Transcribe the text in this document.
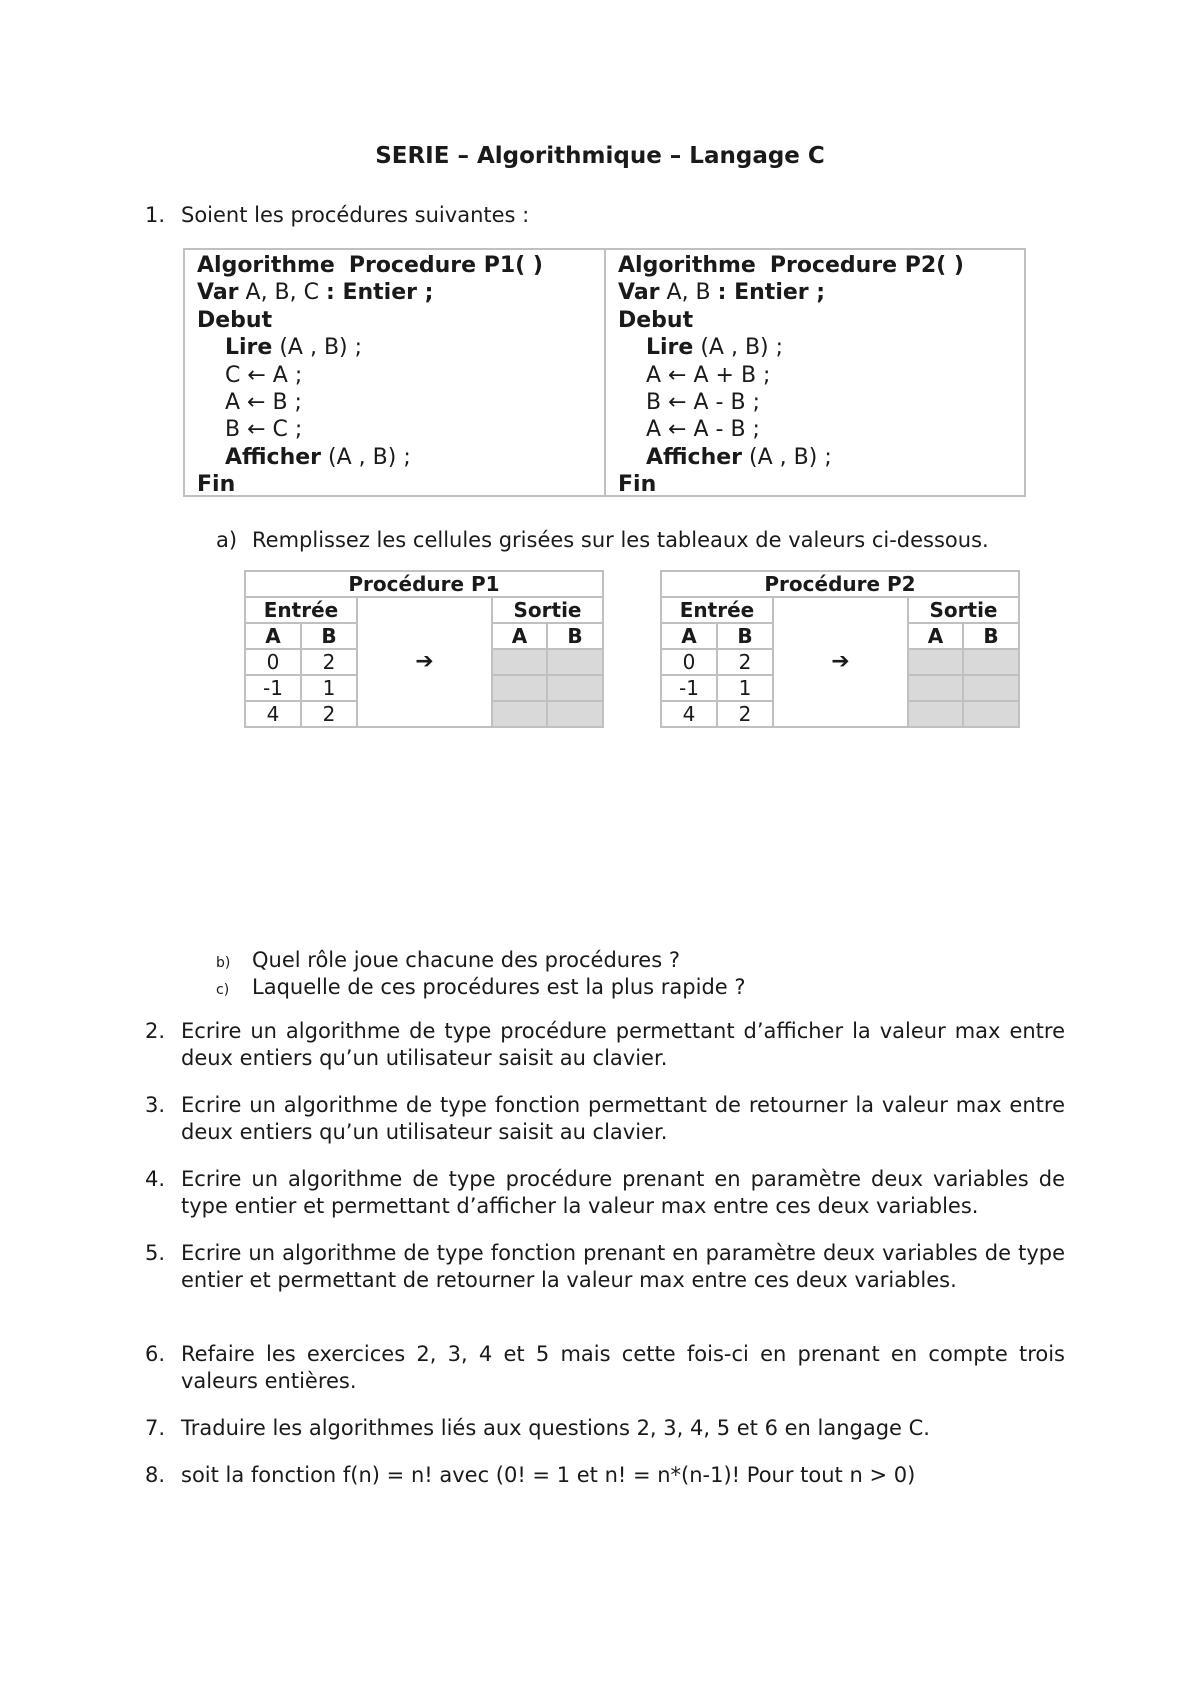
SERIE – Algorithmique – Langage C
1. Soient les procédures suivantes :
Algorithme Procedure P1( )
Var A, B, C : Entier ;
Debut
Lire (A , B) ;
C ← A ;
A ← B ;
B ← C ;
Afficher (A , B) ;
Fin
Algorithme Procedure P2( )
Var A, B : Entier ;
Debut
Lire (A , B) ;
A ← A + B ;
B ← A - B ;
A ← A - B ;
Afficher (A , B) ;
Fin
a) Remplissez les cellules grisées sur les tableaux de valeurs ci-dessous.
Procédure P1				
Entrée		➔	Sortie	
A	B		A	B
0	2			
-1	1			
4	2			
Procédure P2				
Entrée		➔	Sortie	
A	B		A	B
0	2			
-1	1			
4	2			
b) Quel rôle joue chacune des procédures ?
c) Laquelle de ces procédures est la plus rapide ?
2. Ecrire un algorithme de type procédure permettant d’afficher la valeur max entre deux entiers qu’un utilisateur saisit au clavier.
3. Ecrire un algorithme de type fonction permettant de retourner la valeur max entre deux entiers qu’un utilisateur saisit au clavier.
4. Ecrire un algorithme de type procédure prenant en paramètre deux variables de type entier et permettant d’afficher la valeur max entre ces deux variables.
5. Ecrire un algorithme de type fonction prenant en paramètre deux variables de type entier et permettant de retourner la valeur max entre ces deux variables.
6. Refaire les exercices 2, 3, 4 et 5 mais cette fois-ci en prenant en compte trois valeurs entières.
7. Traduire les algorithmes liés aux questions 2, 3, 4, 5 et 6 en langage C.
8. soit la fonction f(n) = n! avec (0! = 1 et n! = n*(n-1)! Pour tout n > 0)
